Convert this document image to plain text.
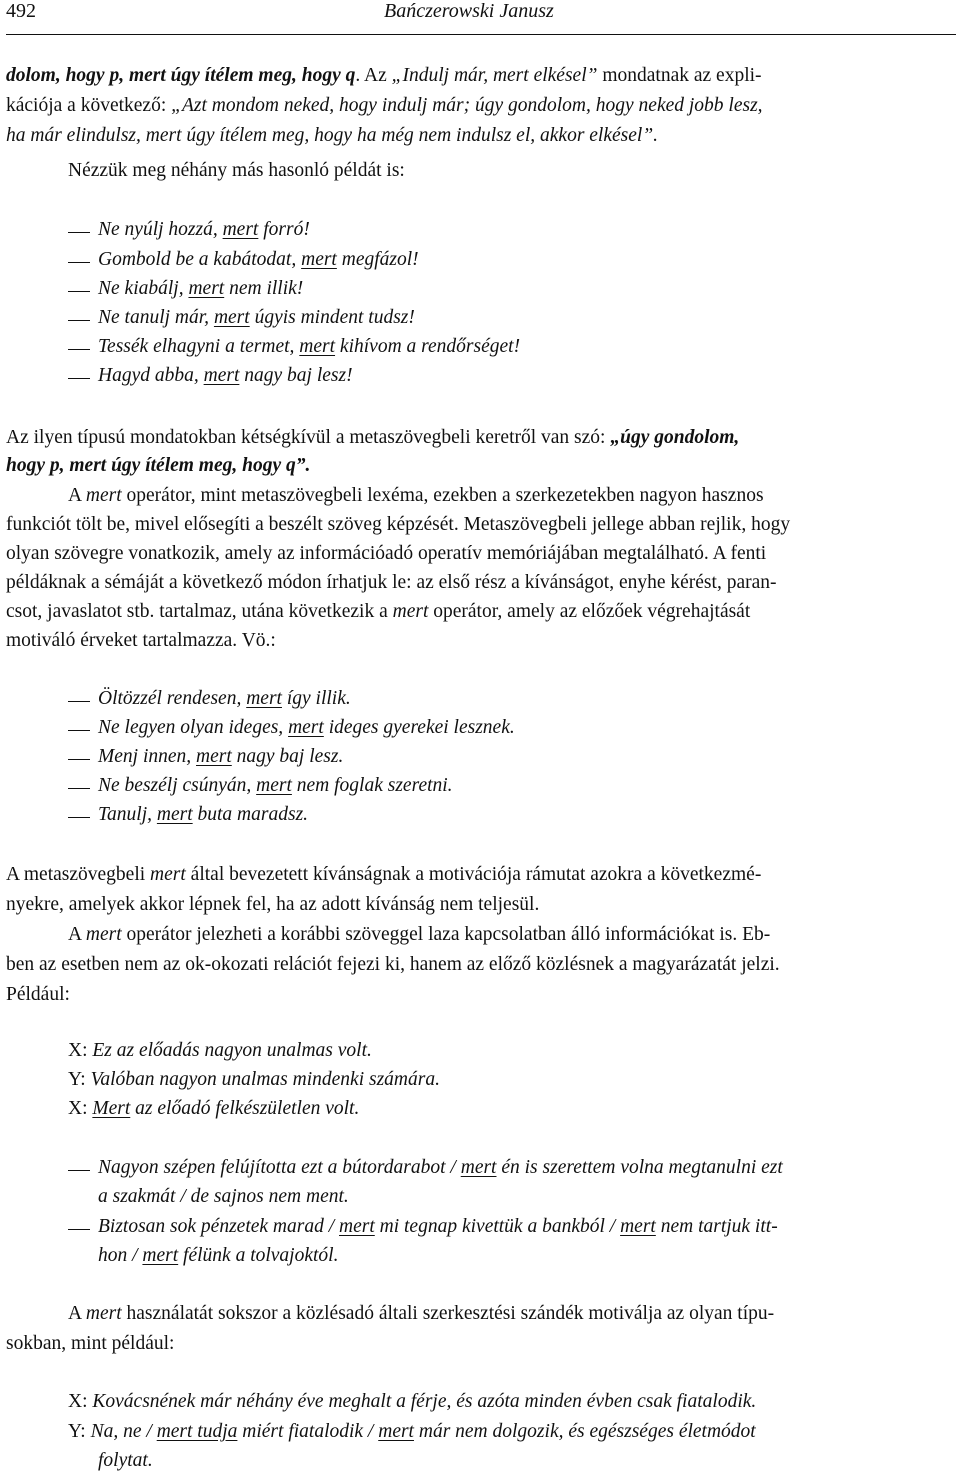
492	Bańczerowski Janusz
dolom, hogy p, mert úgy ítélem meg, hogy q. Az „Indulj már, mert elkésel” mondatnak az expli-
kációja a következő: „Azt mondom neked, hogy indulj már; úgy gondolom, hogy neked jobb lesz,
ha már elindulsz, mert úgy ítélem meg, hogy ha még nem indulsz el, akkor elkésel”.
Nézzük meg néhány más hasonló példát is:
Ne nyúlj hozzá, mert forró!
Gombold be a kabátodat, mert megfázol!
Ne kiabálj, mert nem illik!
Ne tanulj már, mert úgyis mindent tudsz!
Tessék elhagyni a termet, mert kihívom a rendőrséget!
Hagyd abba, mert nagy baj lesz!
Az ilyen típusú mondatokban kétségkívül a metaszövegbeli keretről van szó: „úgy gondolom,
hogy p, mert úgy ítélem meg, hogy q”.
A mert operátor, mint metaszövegbeli lexéma, ezekben a szerkezetekben nagyon hasznos
funkciót tölt be, mivel elősegíti a beszélt szöveg képzését. Metaszövegbeli jellege abban rejlik, hogy
olyan szövegre vonatkozik, amely az információadó operatív memóriájában megtalálható. A fenti
példáknak a sémáját a következő módon írhatjuk le: az első rész a kívánságot, enyhe kérést, paran-
csot, javaslatot stb. tartalmaz, utána következik a mert operátor, amely az előzőek végrehajtását
motiváló érveket tartalmazza. Vö.:
Öltözzél rendesen, mert így illik.
Ne legyen olyan ideges, mert ideges gyerekei lesznek.
Menj innen, mert nagy baj lesz.
Ne beszélj csúnyán, mert nem foglak szeretni.
Tanulj, mert buta maradsz.
A metaszövegbeli mert által bevezetett kívánságnak a motivációja rámutat azokra a következmé-
nyekre, amelyek akkor lépnek fel, ha az adott kívánság nem teljesül.
A mert operátor jelezheti a korábbi szöveggel laza kapcsolatban álló információkat is. Eb-
ben az esetben nem az ok-okozati relációt fejezi ki, hanem az előző közlésnek a magyarázatát jelzi.
Például:
X: Ez az előadás nagyon unalmas volt.
Y: Valóban nagyon unalmas mindenki számára.
X: Mert az előadó felkészületlen volt.
Nagyon szépen felújította ezt a bútordarabot / mert én is szerettem volna megtanulni ezt
a szakmát / de sajnos nem ment.
Biztosan sok pénzetek marad / mert mi tegnap kivettük a bankból / mert nem tartjuk itt-
hon / mert félünk a tolvajoktól.
A mert használatát sokszor a közlésadó általi szerkesztési szándék motiválja az olyan típu-
sokban, mint például:
X: Kovácsnének már néhány éve meghalt a férje, és azóta minden évben csak fiatalodik.
Y: Na, ne / mert tudja miért fiatalodik / mert már nem dolgozik, és egészséges életmódot
folytat.
